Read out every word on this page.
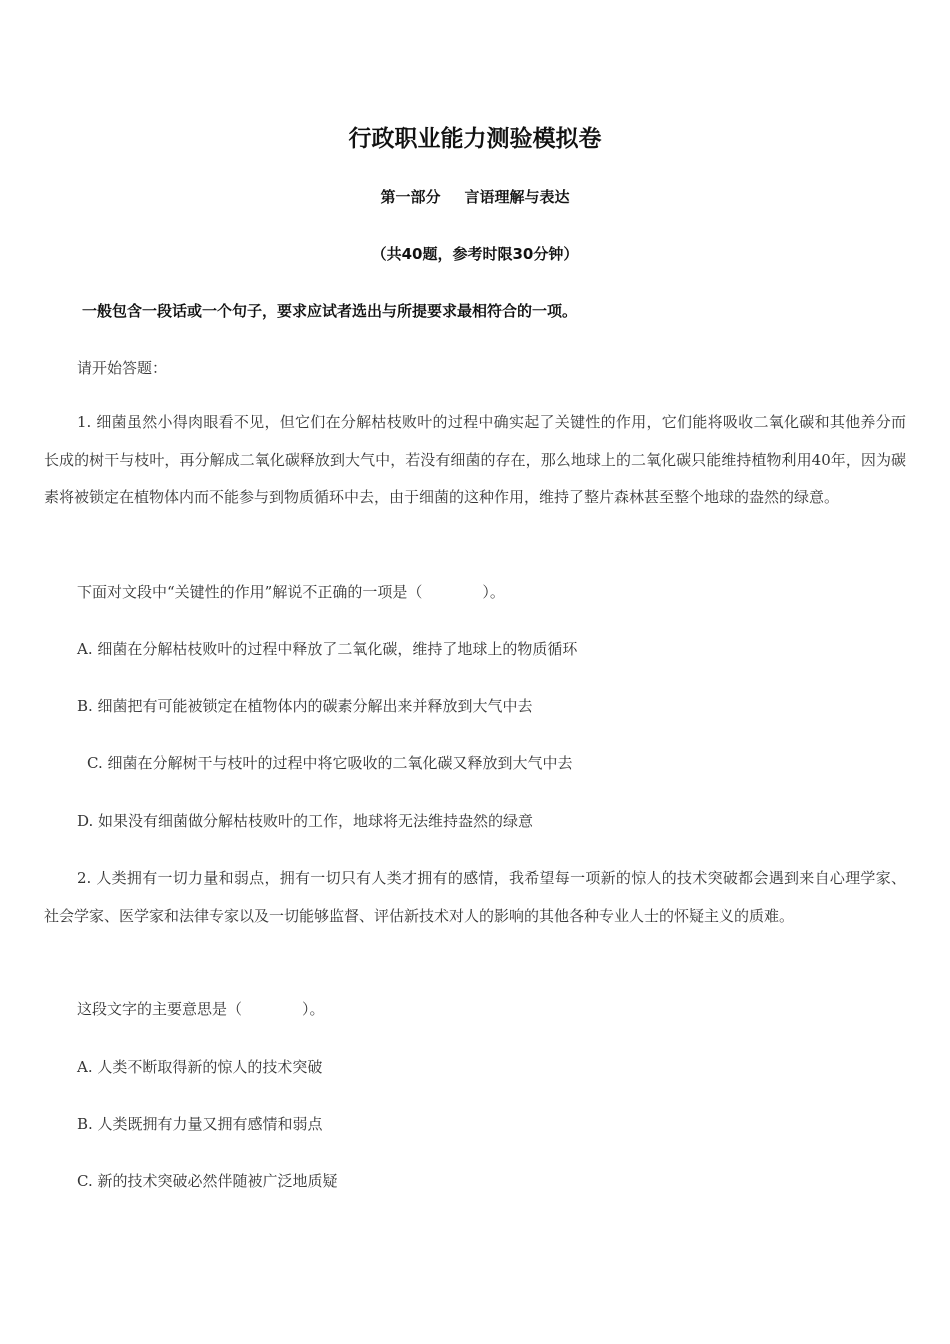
行政职业能力测验模拟卷
第一部分 言语理解与表达
（共40题，参考时限30分钟）
一般包含一段话或一个句子，要求应试者选出与所提要求最相符合的一项。
请开始答题：
1. 细菌虽然小得肉眼看不见，但它们在分解枯枝败叶的过程中确实起了关键性的作用，它们能将吸收二氧化碳和其他养分而长成的树干与枝叶，再分解成二氧化碳释放到大气中，若没有细菌的存在，那么地球上的二氧化碳只能维持植物利用40年，因为碳素将被锁定在植物体内而不能参与到物质循环中去，由于细菌的这种作用，维持了整片森林甚至整个地球的盎然的绿意。
下面对文段中“关键性的作用”解说不正确的一项是（　　　　）。
A. 细菌在分解枯枝败叶的过程中释放了二氧化碳，维持了地球上的物质循环
B. 细菌把有可能被锁定在植物体内的碳素分解出来并释放到大气中去
C. 细菌在分解树干与枝叶的过程中将它吸收的二氧化碳又释放到大气中去
D. 如果没有细菌做分解枯枝败叶的工作，地球将无法维持盎然的绿意
2. 人类拥有一切力量和弱点，拥有一切只有人类才拥有的感情，我希望每一项新的惊人的技术突破都会遇到来自心理学家、社会学家、医学家和法律专家以及一切能够监督、评估新技术对人的影响的其他各种专业人士的怀疑主义的质难。
这段文字的主要意思是（　　　　）。
A. 人类不断取得新的惊人的技术突破
B. 人类既拥有力量又拥有感情和弱点
C. 新的技术突破必然伴随被广泛地质疑
